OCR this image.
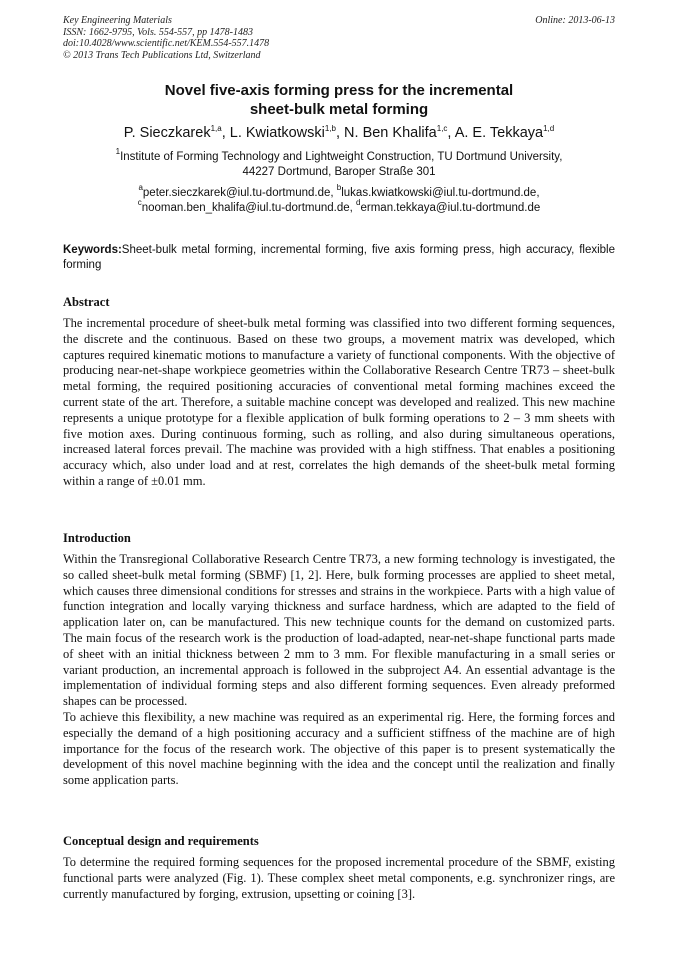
Key Engineering Materials
ISSN: 1662-9795, Vols. 554-557, pp 1478-1483
doi:10.4028/www.scientific.net/KEM.554-557.1478
© 2013 Trans Tech Publications Ltd, Switzerland
Online: 2013-06-13
Novel five-axis forming press for the incremental
sheet-bulk metal forming
P. Sieczkarek$^{1,a}$, L. Kwiatkowski$^{1,b}$, N. Ben Khalifa$^{1,c}$, A. E. Tekkaya$^{1,d}$
$^1$Institute of Forming Technology and Lightweight Construction, TU Dortmund University,
44227 Dortmund, Baroper Straße 301
$^a$peter.sieczkarek@iul.tu-dortmund.de, $^b$lukas.kwiatkowski@iul.tu-dortmund.de,
$^c$nooman.ben_khalifa@iul.tu-dortmund.de, $^d$erman.tekkaya@iul.tu-dortmund.de
Keywords:Sheet-bulk metal forming, incremental forming, five axis forming press, high accuracy, flexible forming
Abstract

The incremental procedure of sheet-bulk metal forming was classified into two different forming sequences, the discrete and the continuous. Based on these two groups, a movement matrix was developed, which captures required kinematic motions to manufacture a variety of functional components. With the objective of producing near-net-shape workpiece geometries within the Collaborative Research Centre TR73 – sheet-bulk metal forming, the required positioning accuracies of conventional metal forming machines exceed the current state of the art. Therefore, a suitable machine concept was developed and realized. This new machine represents a unique prototype for a flexible application of bulk forming operations to 2 – 3 mm sheets with five motion axes. During continuous forming, such as rolling, and also during simultaneous operations, increased lateral forces prevail. The machine was provided with a high stiffness. That enables a positioning accuracy which, also under load and at rest, correlates the high demands of the sheet-bulk metal forming within a range of ±0.01 mm.

Introduction

Within the Transregional Collaborative Research Centre TR73, a new forming technology is investigated, the so called sheet-bulk metal forming (SBMF) [1, 2]. Here, bulk forming processes are applied to sheet metal, which causes three dimensional conditions for stresses and strains in the workpiece. Parts with a high value of function integration and locally varying thickness and surface hardness, which are adapted to the field of application later on, can be manufactured. This new technique counts for the demand on customized parts. The main focus of the research work is the production of load-adapted, near-net-shape functional parts made of sheet with an initial thickness between 2 mm to 3 mm. For flexible manufacturing in a small series or variant production, an incremental approach is followed in the subproject A4. An essential advantage is the implementation of individual forming steps and also different forming sequences. Even already preformed shapes can be processed.

To achieve this flexibility, a new machine was required as an experimental rig. Here, the forming forces and especially the demand of a high positioning accuracy and a sufficient stiffness of the machine are of high importance for the focus of the research work. The objective of this paper is to present systematically the development of this novel machine beginning with the idea and the concept until the realization and finally some application parts.

Conceptual design and requirements

To determine the required forming sequences for the proposed incremental procedure of the SBMF, existing functional parts were analyzed (Fig. 1). These complex sheet metal components, e.g. synchronizer rings, are currently manufactured by forging, extrusion, upsetting or coining [3].
